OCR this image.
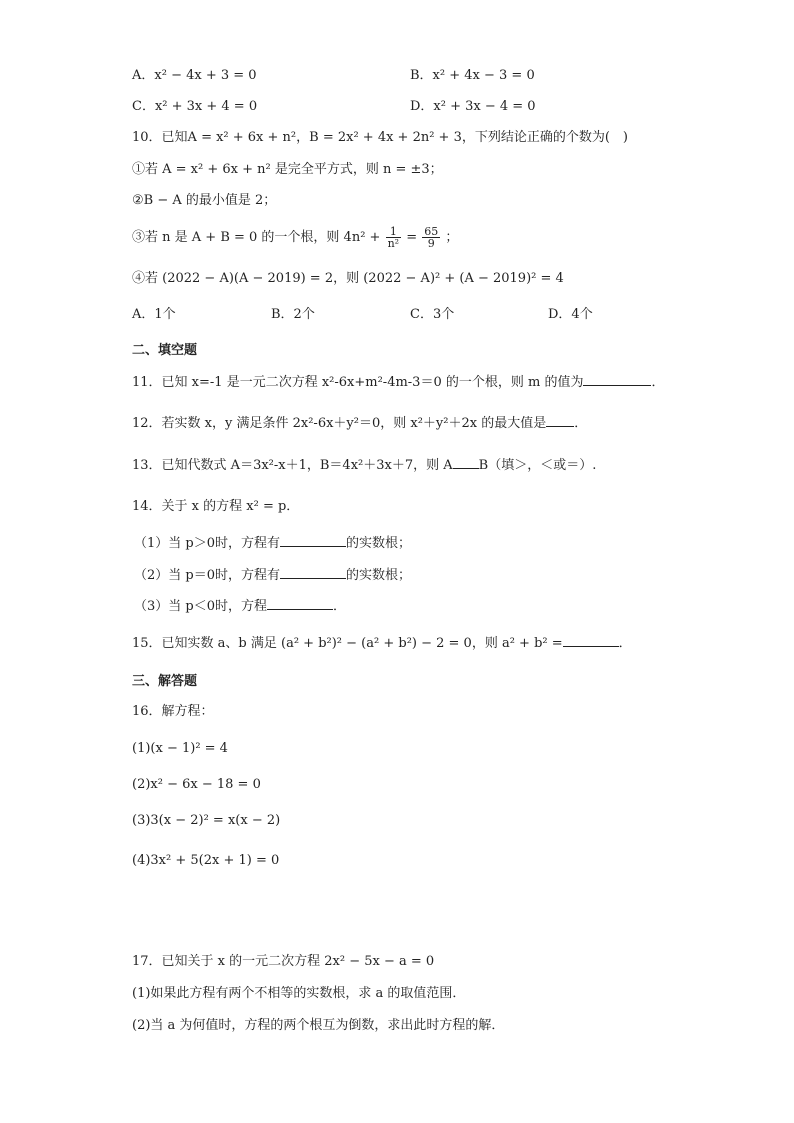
A．x² − 4x + 3 = 0	B．x² + 4x − 3 = 0
C．x² + 3x + 4 = 0	D．x² + 3x − 4 = 0
10．已知A = x² + 6x + n²，B = 2x² + 4x + 2n² + 3，下列结论正确的个数为(　)
①若 A = x² + 6x + n² 是完全平方式，则 n = ±3；
②B − A 的最小值是 2；
③若 n 是 A + B = 0 的一个根，则 $4n^2 + \frac{1}{\text{n²}} = \frac{65}{9}$ ；
④若 (2022 − A)(A − 2019) = 2，则 (2022 − A)² + (A − 2019)² = 4
A．1个	B．2个	C．3个	D．4个
二、填空题
11．已知 x=-1 是一元二次方程 x²-6x+m²-4m-3＝0 的一个根，则 m 的值为	．
12．若实数 x，y 满足条件 2x²-6x＋y²＝0，则 x²＋y²＋2x 的最大值是 ．
13．已知代数式 A＝3x²-x＋1，B＝4x²＋3x＋7，则 A B（填＞，＜或＝）.
14．关于 x 的方程 x² = p．
（1）当 p＞0时，方程有	的实数根；
（2）当 p＝0时，方程有	的实数根；
（3）当 p＜0时，方程	．
15．已知实数 a、b 满足 (a² + b²)² − (a² + b²) − 2 = 0，则 a² + b² =	．
三、解答题
16．解方程：
(1)(x − 1)² = 4
(2)x² − 6x − 18 = 0
(3)3(x − 2)² = x(x − 2)
(4)3x² + 5(2x + 1) = 0
17．已知关于 x 的一元二次方程 2x² − 5x − a = 0
(1)如果此方程有两个不相等的实数根，求 a 的取值范围．
(2)当 a 为何值时，方程的两个根互为倒数，求出此时方程的解．
